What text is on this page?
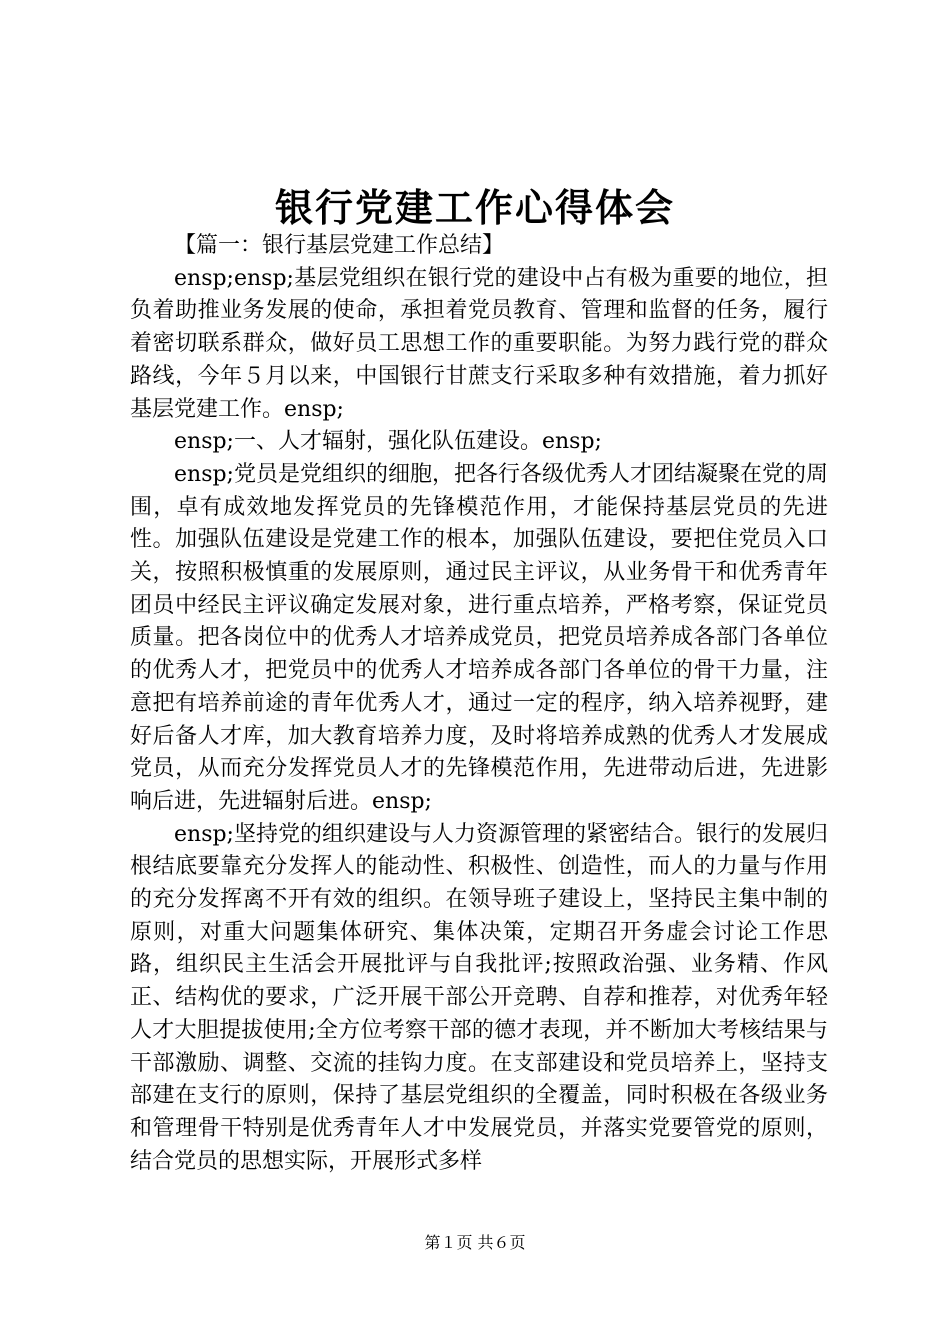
银行党建工作心得体会

【篇一：银行基层党建工作总结】

ensp;ensp;基层党组织在银行党的建设中占有极为重要的地位，担负着助推业务发展的使命，承担着党员教育、管理和监督的任务，履行着密切联系群众，做好员工思想工作的重要职能。为努力践行党的群众路线，今年５月以来，中国银行甘蔗支行采取多种有效措施，着力抓好基层党建工作。ensp;

ensp;一、人才辐射，强化队伍建设。ensp;

ensp;党员是党组织的细胞，把各行各级优秀人才团结凝聚在党的周围，卓有成效地发挥党员的先锋模范作用，才能保持基层党员的先进性。加强队伍建设是党建工作的根本，加强队伍建设，要把住党员入口关，按照积极慎重的发展原则，通过民主评议，从业务骨干和优秀青年团员中经民主评议确定发展对象，进行重点培养，严格考察，保证党员质量。把各岗位中的优秀人才培养成党员，把党员培养成各部门各单位的优秀人才，把党员中的优秀人才培养成各部门各单位的骨干力量，注意把有培养前途的青年优秀人才，通过一定的程序，纳入培养视野，建好后备人才库，加大教育培养力度，及时将培养成熟的优秀人才发展成党员，从而充分发挥党员人才的先锋模范作用，先进带动后进，先进影响后进，先进辐射后进。ensp;

ensp;坚持党的组织建设与人力资源管理的紧密结合。银行的发展归根结底要靠充分发挥人的能动性、积极性、创造性，而人的力量与作用的充分发挥离不开有效的组织。在领导班子建设上，坚持民主集中制的原则，对重大问题集体研究、集体决策，定期召开务虚会讨论工作思路，组织民主生活会开展批评与自我批评;按照政治强、业务精、作风正、结构优的要求，广泛开展干部公开竞聘、自荐和推荐，对优秀年轻人才大胆提拔使用;全方位考察干部的德才表现，并不断加大考核结果与干部激励、调整、交流的挂钩力度。在支部建设和党员培养上，坚持支部建在支行的原则，保持了基层党组织的全覆盖，同时积极在各级业务和管理骨干特别是优秀青年人才中发展党员，并落实党要管党的原则，结合党员的思想实际，开展形式多样

第１页 共６页
